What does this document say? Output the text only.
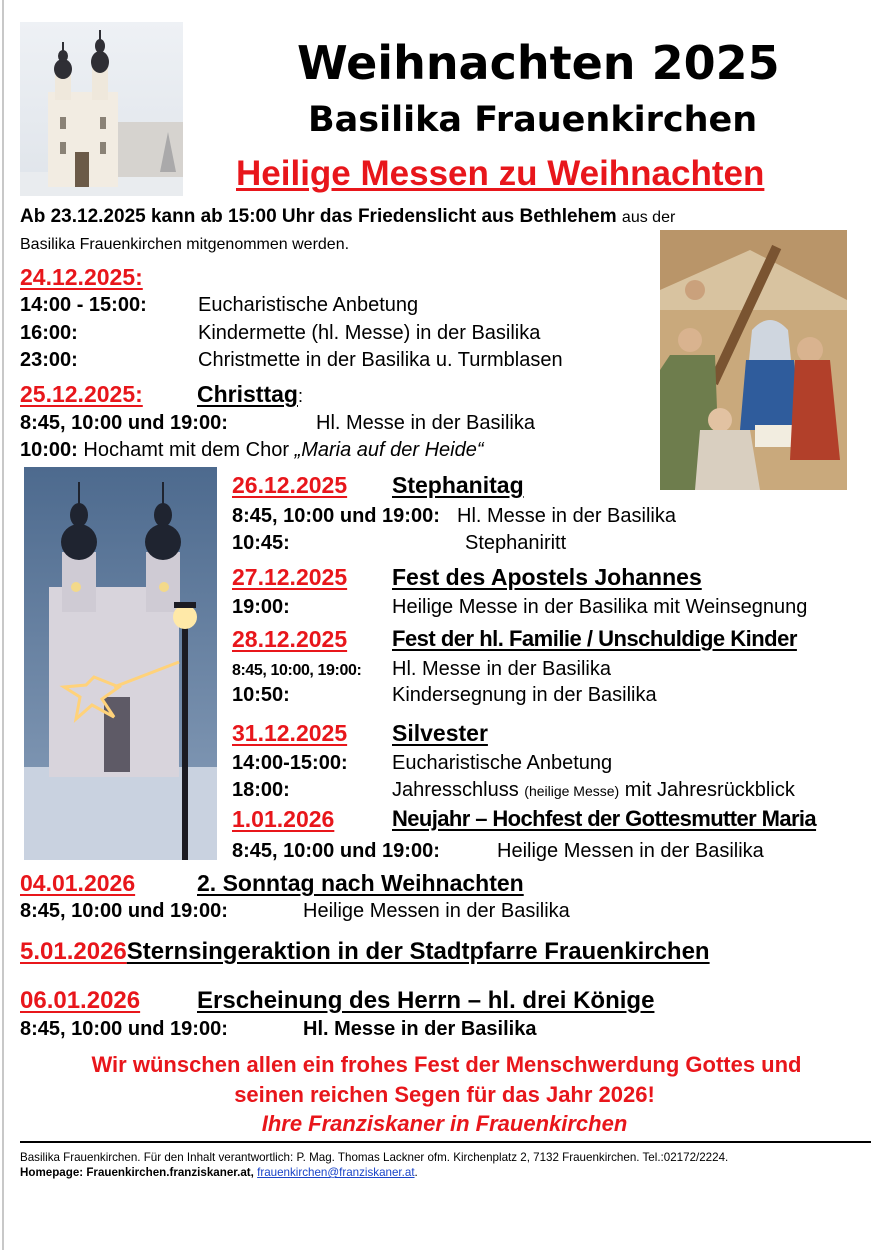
Weihnachten 2025
Basilika Frauenkirchen
Heilige Messen zu Weihnachten
Ab 23.12.2025 kann ab 15:00 Uhr das Friedenslicht aus Bethlehem aus der
Basilika Frauenkirchen mitgenommen werden.
24.12.2025:
14:00 - 15:00:	Eucharistische Anbetung
16:00:	Kindermette (hl. Messe) in der Basilika
23:00:	Christmette in der Basilika u. Turmblasen
25.12.2025: Christtag:
8:45, 10:00 und 19:00:	Hl. Messe in der Basilika
10:00: Hochamt mit dem Chor „Maria auf der Heide“
26.12.2025 Stephanitag
8:45, 10:00 und 19:00: Hl. Messe in der Basilika
10:45:	Stephaniritt
27.12.2025 Fest des Apostels Johannes
19:00:	Heilige Messe in der Basilika mit Weinsegnung
28.12.2025 Fest der hl. Familie / Unschuldige Kinder
8:45, 10:00, 19:00: Hl. Messe in der Basilika
10:50:	Kindersegnung in der Basilika
31.12.2025 Silvester
14:00-15:00: Eucharistische Anbetung
18:00:	Jahresschluss (heilige Messe) mit Jahresrückblick
1.01.2026	Neujahr – Hochfest der Gottesmutter Maria
8:45, 10:00 und 19:00:	Heilige Messen in der Basilika
04.01.2026	2. Sonntag nach Weihnachten
8:45, 10:00 und 19:00:	Heilige Messen in der Basilika
5.01.2026Sternsingeraktion in der Stadtpfarre Frauenkirchen
06.01.2026 Erscheinung des Herrn – hl. drei Könige
8:45, 10:00 und 19:00:	Hl. Messe in der Basilika
Wir wünschen allen ein frohes Fest der Menschwerdung Gottes und
seinen reichen Segen für das Jahr 2026!
Ihre Franziskaner in Frauenkirchen
Basilika Frauenkirchen. Für den Inhalt verantwortlich: P. Mag. Thomas Lackner ofm. Kirchenplatz 2, 7132 Frauenkirchen. Tel.:02172/2224.
Homepage: Frauenkirchen.franziskaner.at, frauenkirchen@franziskaner.at.
